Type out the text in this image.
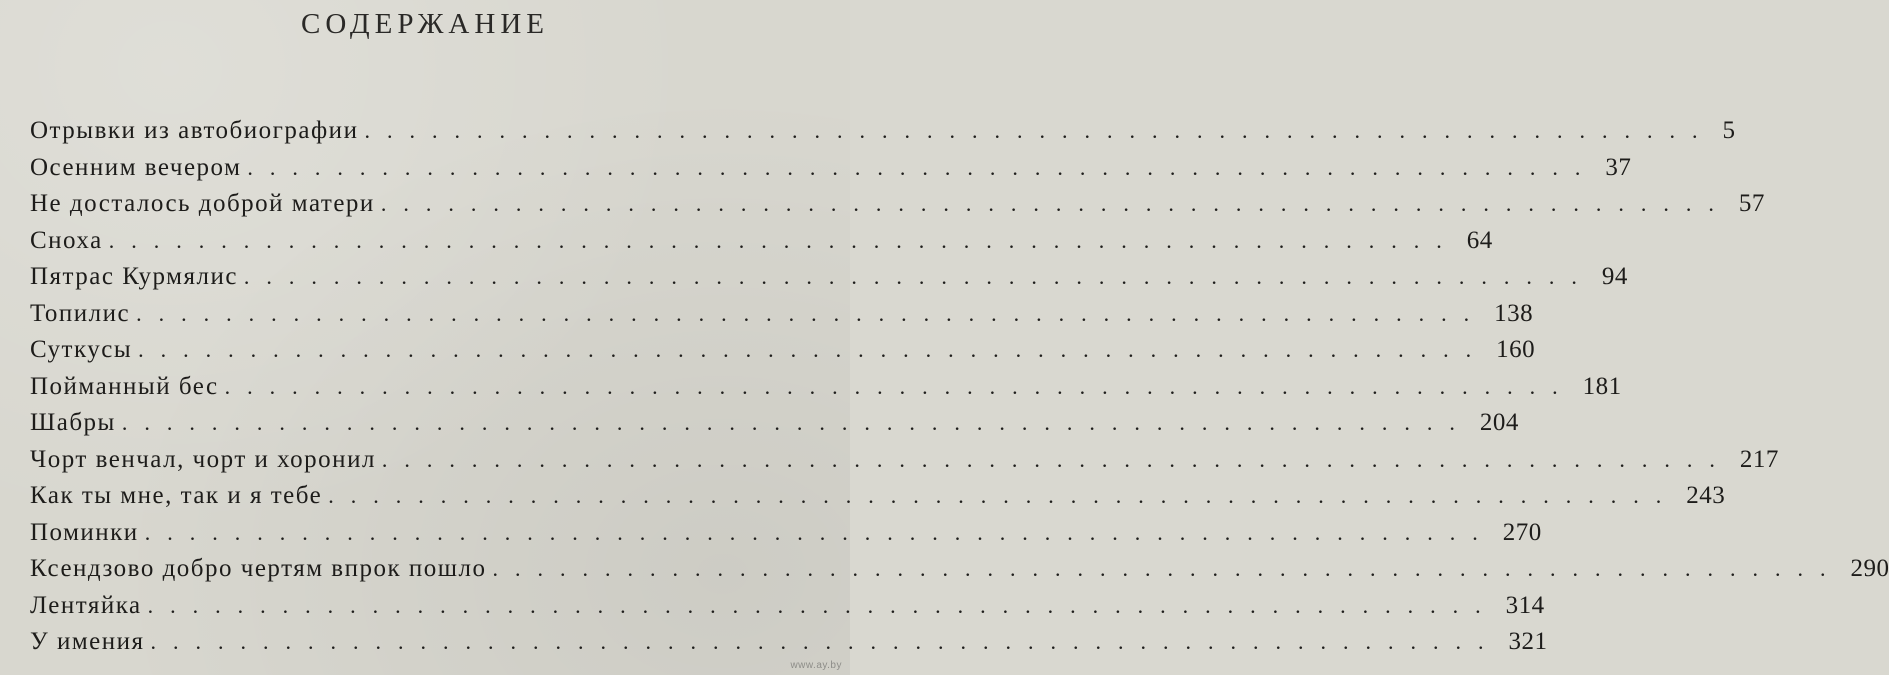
СОДЕРЖАНИЕ
Отрывки из автобиографии ............................................................ 5
Осенним вечером ............................................................ 37
Не досталось доброй матери ............................................................ 57
Сноха ............................................................ 64
Пятрас Курмялис ............................................................ 94
Топилис ............................................................ 138
Суткусы ............................................................ 160
Пойманный бес ............................................................ 181
Шабры ............................................................ 204
Чорт венчал, чорт и хоронил ............................................................ 217
Как ты мне, так и я тебе ............................................................ 243
Поминки ............................................................ 270
Ксендзово добро чертям впрок пошло ............................................................ 290
Лентяйка ............................................................ 314
У имения ............................................................ 321
www.ay.by
